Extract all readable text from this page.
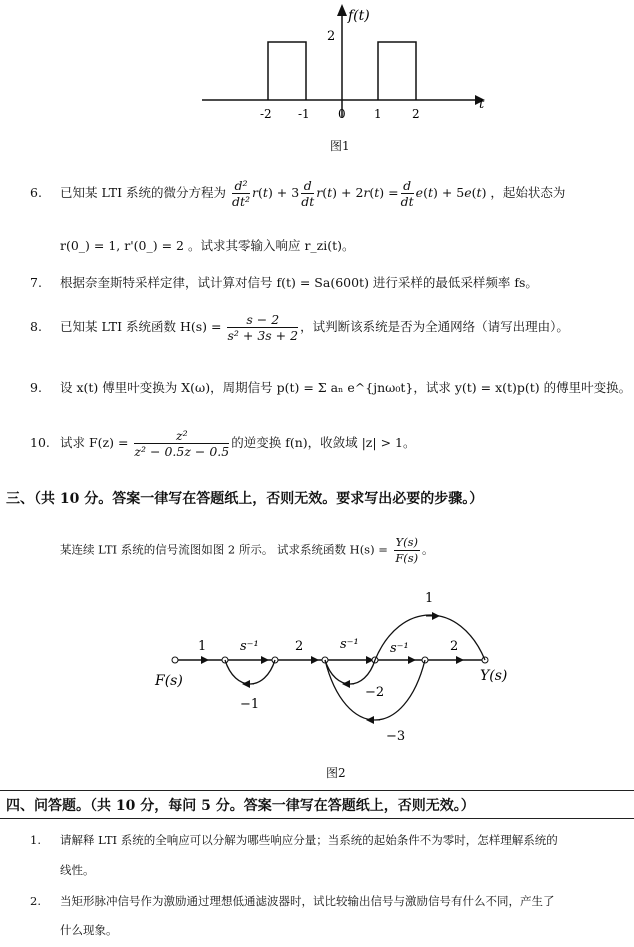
2
f(t)
t
-2 -1 0 1	2
图1
6. 已知某 LTI 系统的微分方程为 $\frac{\text{d²}}{\text{dt²}} r(t) + 3 \frac{d}{dt} r(t) + 2r(t) = \frac{d}{dt} e(t) + 5e(t)$ ，起始状态为
r(0_) = 1, r'(0_) = 2 。试求其零输入响应 r_zi(t)。
7. 根据奈奎斯特采样定律，试计算对信号 f(t) = Sa(600t) 进行采样的最低采样频率 fs。
8. 已知某 LTI 系统函数 $H(s) = \frac{s - 2}{\text{s² + 3s + 2}}$ ，试判断该系统是否为全通网络（请写出理由）。
9. 设 x(t) 傅里叶变换为 X(ω)，周期信号 p(t) = Σ aₙ e^{jnω₀t}，试求 y(t) = x(t)p(t) 的傅里叶变换。
10. 试求 $F(z) = \frac{\text{z²}}{\text{z² − 0.5z − 0.5}}$ 的逆变换 f(n)，收敛域 |z| > 1。
三、（共 10 分。答案一律写在答题纸上，否则无效。要求写出必要的步骤。）
某连续 LTI 系统的信号流图如图 2 所示。 试求系统函数 $H(s) = \frac{Y(s)}{F(s)}$ 。
F(s)	Y(s)
1	s⁻¹	2	s⁻¹ s⁻¹	2
1
−1
−2
−3
图2
四、问答题。（共 10 分，每问 5 分。答案一律写在答题纸上，否则无效。）
1. 请解释 LTI 系统的全响应可以分解为哪些响应分量；当系统的起始条件不为零时，怎样理解系统的
线性。
2. 当矩形脉冲信号作为激励通过理想低通滤波器时，试比较输出信号与激励信号有什么不同，产生了
什么现象。
